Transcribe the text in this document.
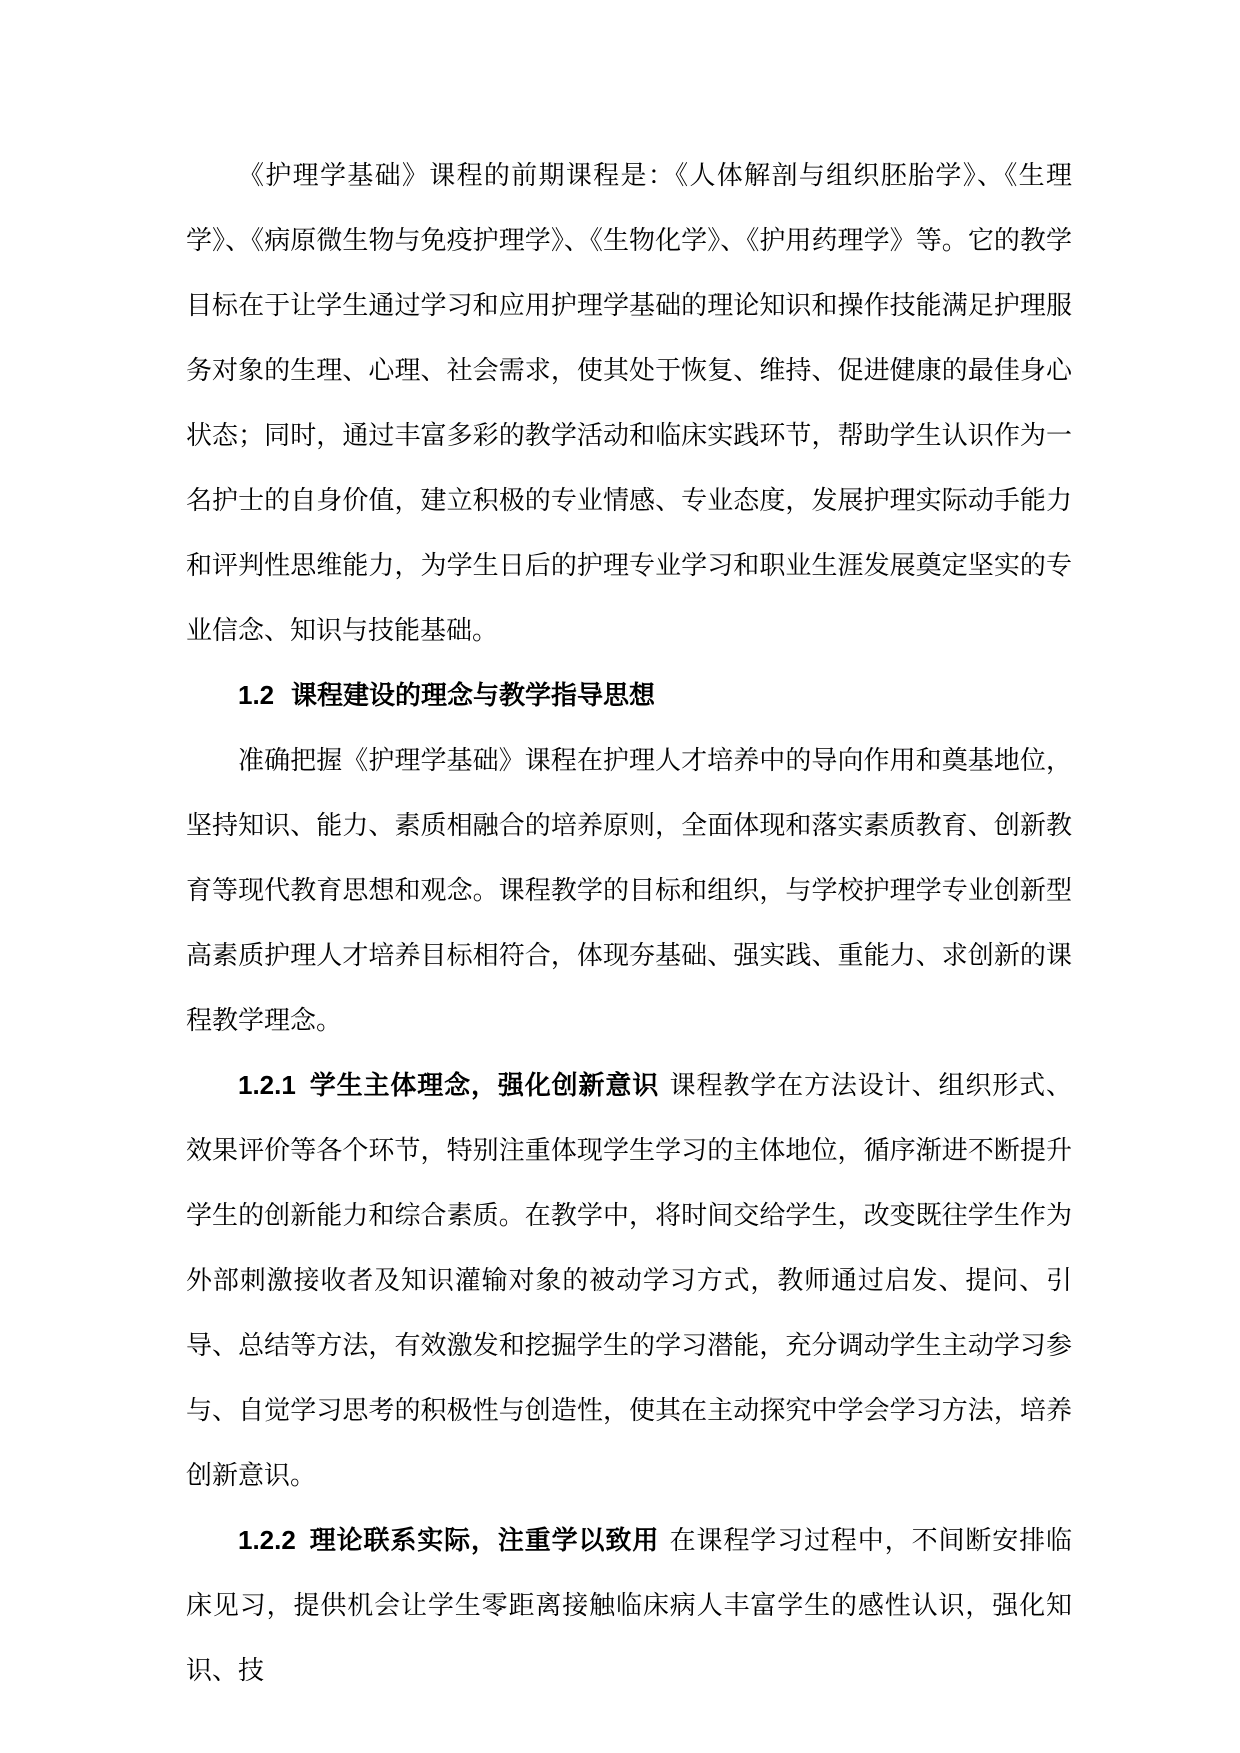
《护理学基础》课程的前期课程是：《人体解剖与组织胚胎学》、《生理学》、《病原微生物与免疫护理学》、《生物化学》、《护用药理学》等。它的教学目标在于让学生通过学习和应用护理学基础的理论知识和操作技能满足护理服务对象的生理、心理、社会需求，使其处于恢复、维持、促进健康的最佳身心状态；同时，通过丰富多彩的教学活动和临床实践环节，帮助学生认识作为一名护士的自身价值，建立积极的专业情感、专业态度，发展护理实际动手能力和评判性思维能力，为学生日后的护理专业学习和职业生涯发展奠定坚实的专业信念、知识与技能基础。

1.2 课程建设的理念与教学指导思想

准确把握《护理学基础》课程在护理人才培养中的导向作用和奠基地位，坚持知识、能力、素质相融合的培养原则，全面体现和落实素质教育、创新教育等现代教育思想和观念。课程教学的目标和组织，与学校护理学专业创新型高素质护理人才培养目标相符合，体现夯基础、强实践、重能力、求创新的课程教学理念。

1.2.1 学生主体理念，强化创新意识 课程教学在方法设计、组织形式、效果评价等各个环节，特别注重体现学生学习的主体地位，循序渐进不断提升学生的创新能力和综合素质。在教学中，将时间交给学生，改变既往学生作为外部刺激接收者及知识灌输对象的被动学习方式，教师通过启发、提问、引导、总结等方法，有效激发和挖掘学生的学习潜能，充分调动学生主动学习参与、自觉学习思考的积极性与创造性，使其在主动探究中学会学习方法，培养创新意识。

1.2.2 理论联系实际，注重学以致用 在课程学习过程中，不间断安排临床见习，提供机会让学生零距离接触临床病人丰富学生的感性认识，强化知识、技
